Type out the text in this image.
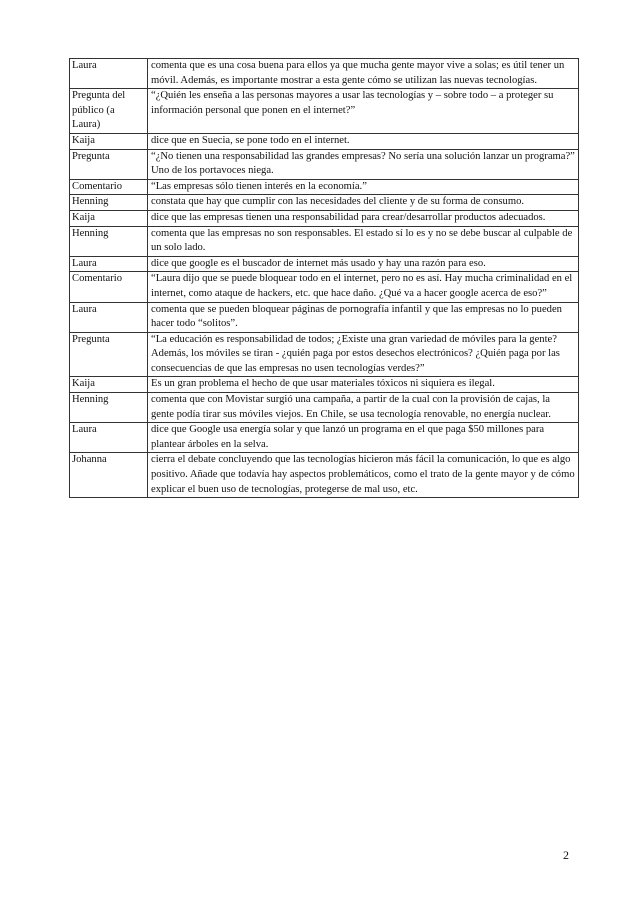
Laura	comenta que es una cosa buena para ellos ya que mucha gente mayor vive a solas; es útil tener un móvil. Además, es importante mostrar a esta gente cómo se utilizan las nuevas tecnologías.
Pregunta del público (a Laura)	“¿Quién les enseña a las personas mayores a usar las tecnologías y – sobre todo – a proteger su información personal que ponen en el internet?”
Kaija	dice que en Suecia, se pone todo en el internet.
Pregunta	“¿No tienen una responsabilidad las grandes empresas? No sería una solución lanzar un programa?” Uno de los portavoces niega.
Comentario	“Las empresas sólo tienen interés en la economía.”
Henning	constata que hay que cumplir con las necesidades del cliente y de su forma de consumo.
Kaija	dice que las empresas tienen una responsabilidad para crear/desarrollar productos adecuados.
Henning	comenta que las empresas no son responsables. El estado sí lo es y no se debe buscar al culpable de un solo lado.
Laura	dice que google es el buscador de internet más usado y hay una razón para eso.
Comentario	“Laura dijo que se puede bloquear todo en el internet, pero no es así. Hay mucha criminalidad en el internet, como ataque de hackers, etc. que hace daño. ¿Qué va a hacer google acerca de eso?”
Laura	comenta que se pueden bloquear páginas de pornografía infantil y que las empresas no lo pueden hacer todo “solitos”.
Pregunta	“La educación es responsabilidad de todos; ¿Existe una gran variedad de móviles para la gente? Además, los móviles se tiran - ¿quién paga por estos desechos electrónicos? ¿Quién paga por las consecuencias de que las empresas no usen tecnologías verdes?”
Kaija	Es un gran problema el hecho de que usar materiales tóxicos ni siquiera es ilegal.
Henning	comenta que con Movistar surgió una campaña, a partir de la cual con la provisión de cajas, la gente podía tirar sus móviles viejos. En Chile, se usa tecnología renovable, no energía nuclear.
Laura	dice que Google usa energía solar y que lanzó un programa en el que paga $50 millones para plantear árboles en la selva.
Johanna	cierra el debate concluyendo que las tecnologías hicieron más fácil la comunicación, lo que es algo positivo. Añade que todavía hay aspectos problemáticos, como el trato de la gente mayor y de cómo explicar el buen uso de tecnologías, protegerse de mal uso, etc.
2
